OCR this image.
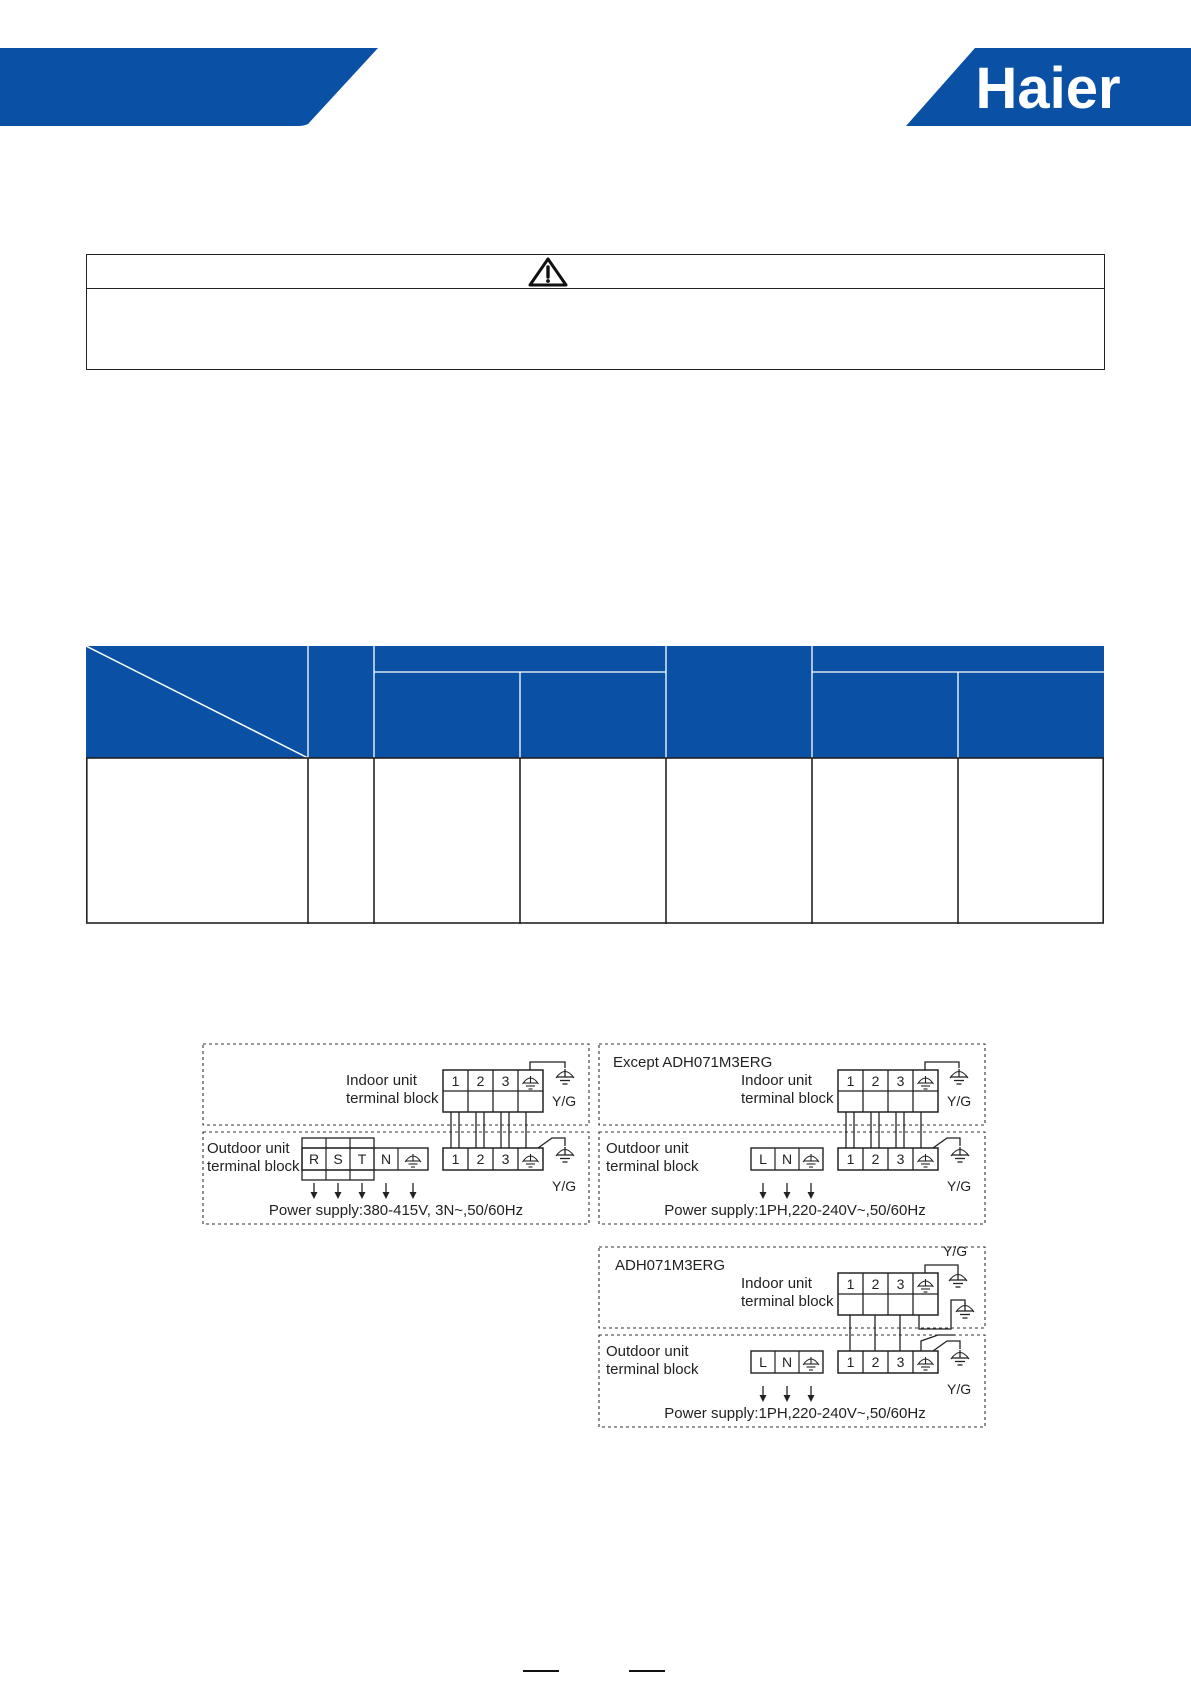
Haier
Indoor unit
terminal block
1 2 3
Y/G
Outdoor unit
terminal block R S T N	1 2 3
Y/G
Power supply:380-415V, 3N~,50/60Hz
Except ADH071M3ERG
Indoor unit
terminal block
1 2 3
Y/G
Outdoor unit
terminal block	L N	1 2 3
Y/G
Power supply:1PH,220-240V~,50/60Hz
Y/G
ADH071M3ERG
Indoor unit
terminal block
1 2 3
Outdoor unit
terminal block	L N	1 2 3
Y/G
Power supply:1PH,220-240V~,50/60Hz
